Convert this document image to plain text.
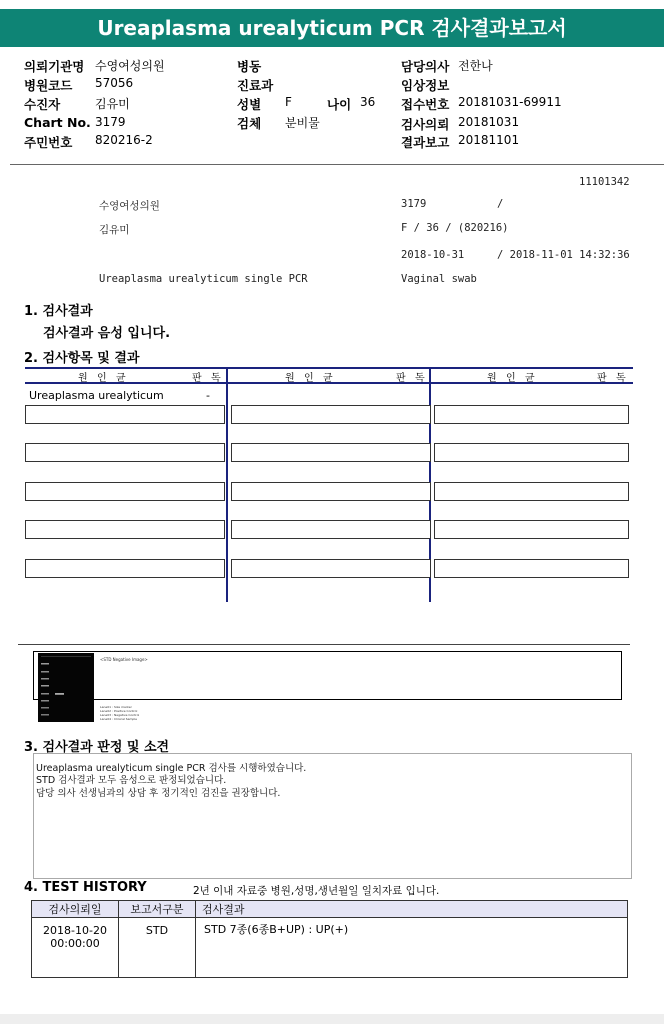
Ureaplasma urealyticum PCR 검사결과보고서
의뢰기관명 수영여성의원
병원코드 57056
수진자	김유미
Chart No. 3179
주민번호 820216-2
병동
진료과
성별 F	나이 36
검체 분비물
담당의사 전한나
임상정보
접수번호 20181031-69911
검사의뢰 20181031
결과보고 20181101
11101342
수영여성의원	3179	/
김유미	F / 36 / (820216)
2018-10-31	/ 2018-11-01 14:32:36
Ureaplasma urealyticum single PCR	Vaginal swab
1. 검사결과
검사결과 음성 입니다.
2. 검사항목 및 결과
원  인  균	판  독	원  인  균	판  독	원  인  균	판  독
Ureaplasma urealyticum	-
<STD Negative Image>
Lane01 : Size marker
Lane02 : Positive Control
Lane03 : Negative Control
Lane04 : Clinical Sample
3. 검사결과 판정 및 소견
Ureaplasma urealyticum single PCR 검사를 시행하였습니다.
STD 검사결과 모두 음성으로 판정되었습니다.
담당 의사 선생님과의 상담 후 정기적인 검진을 권장합니다.
4. TEST HISTORY	2년 이내 자료중 병원,성명,생년월일 일치자료 입니다.
검사의뢰일	보고서구분	검사결과

2018-10-20
00:00:00	STD	STD 7종(6종B+UP) : UP(+)
